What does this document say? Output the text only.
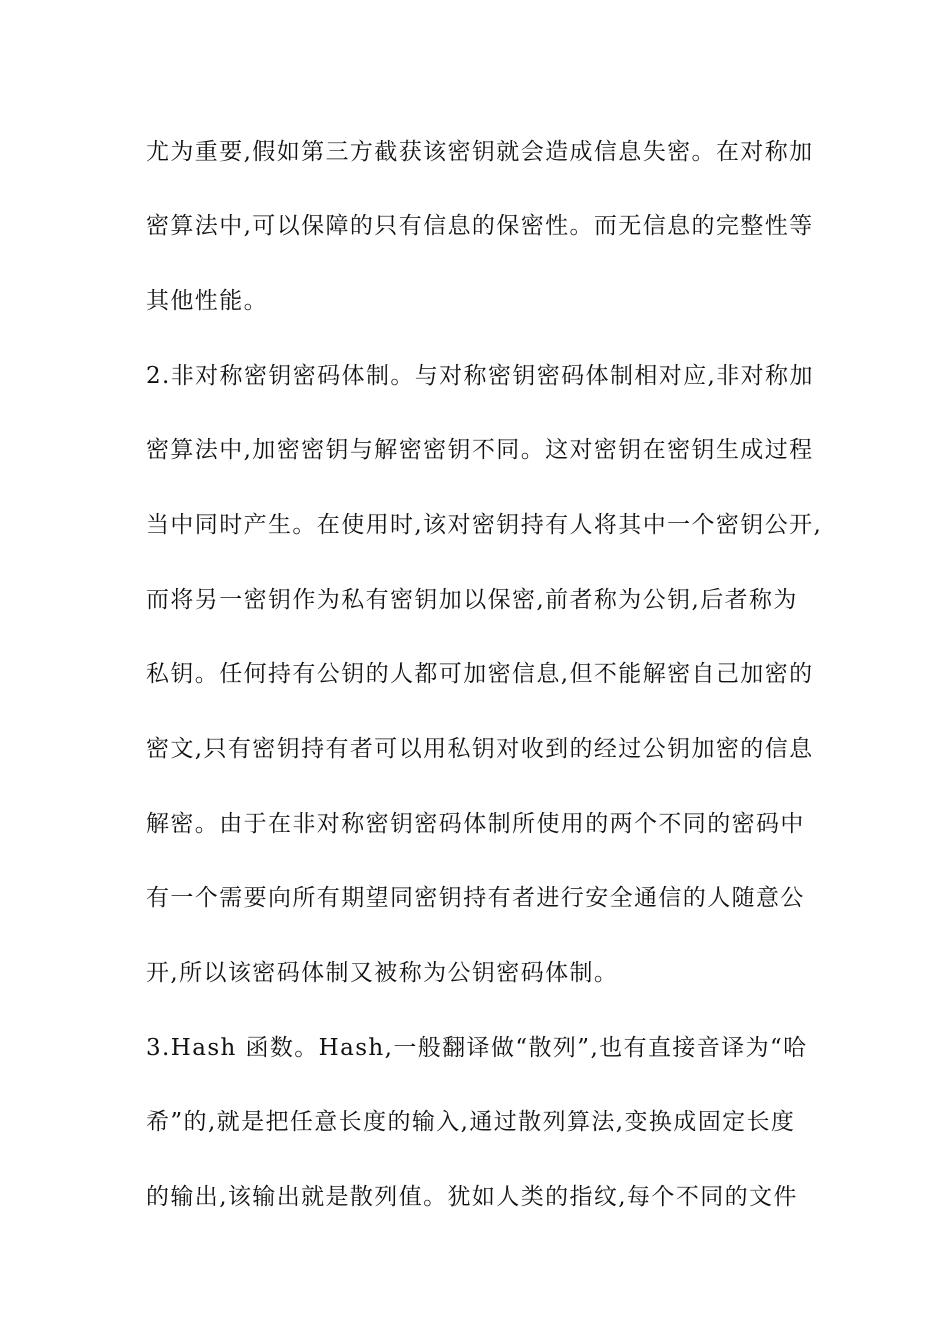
尤为重要,假如第三方截获该密钥就会造成信息失密。在对称加
密算法中,可以保障的只有信息的保密性。而无信息的完整性等
其他性能。
2.非对称密钥密码体制。与对称密钥密码体制相对应,非对称加
密算法中,加密密钥与解密密钥不同。这对密钥在密钥生成过程
当中同时产生。在使用时,该对密钥持有人将其中一个密钥公开,
而将另一密钥作为私有密钥加以保密,前者称为公钥,后者称为
私钥。任何持有公钥的人都可加密信息,但不能解密自己加密的
密文,只有密钥持有者可以用私钥对收到的经过公钥加密的信息
解密。由于在非对称密钥密码体制所使用的两个不同的密码中
有一个需要向所有期望同密钥持有者进行安全通信的人随意公
开,所以该密码体制又被称为公钥密码体制。
3.Hash 函数。Hash,一般翻译做“散列”,也有直接音译为“哈
希”的,就是把任意长度的输入,通过散列算法,变换成固定长度
的输出,该输出就是散列值。犹如人类的指纹,每个不同的文件
